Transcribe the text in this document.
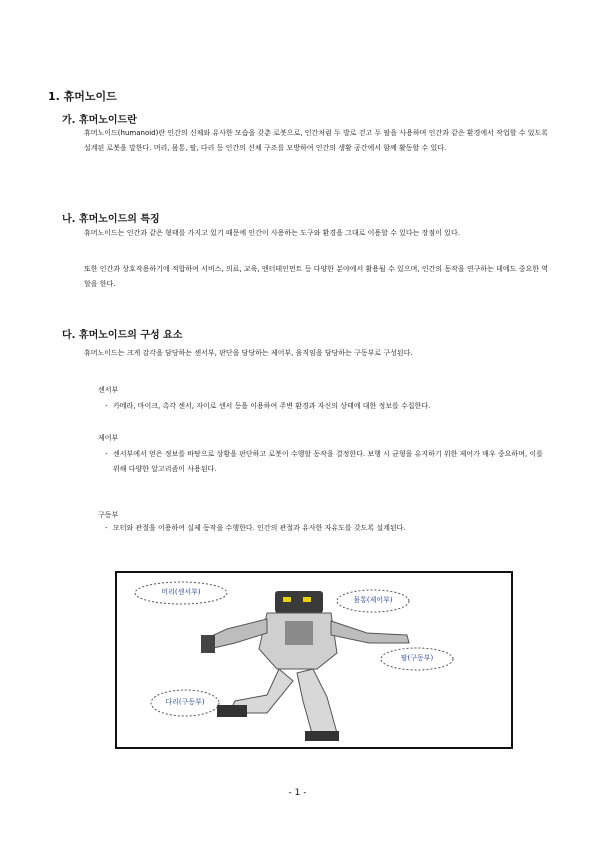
1. 휴머노이드
가. 휴머노이드란
휴머노이드(humanoid)란 인간의 신체와 유사한 모습을 갖춘 로봇으로, 인간처럼 두 발로 걷고 두 팔을 사용하며 인간과 같은 환경에서 작업할 수 있도록 설계된 로봇을 말한다. 머리, 몸통, 팔, 다리 등 인간의 신체 구조를 모방하여 인간의 생활 공간에서 함께 활동할 수 있다.
나. 휴머노이드의 특징
휴머노이드는 인간과 같은 형태를 가지고 있기 때문에 인간이 사용하는 도구와 환경을 그대로 이용할 수 있다는 장점이 있다.
또한 인간과 상호작용하기에 적합하여 서비스, 의료, 교육, 엔터테인먼트 등 다양한 분야에서 활용될 수 있으며, 인간의 동작을 연구하는 데에도 중요한 역할을 한다.
다. 휴머노이드의 구성 요소
휴머노이드는 크게 감각을 담당하는 센서부, 판단을 담당하는 제어부, 움직임을 담당하는 구동부로 구성된다.
센서부
- 카메라, 마이크, 촉각 센서, 자이로 센서 등을 이용하여 주변 환경과 자신의 상태에 대한 정보를 수집한다.
제어부
- 센서부에서 얻은 정보를 바탕으로 상황을 판단하고 로봇이 수행할 동작을 결정한다. 보행 시 균형을 유지하기 위한 제어가 매우 중요하며, 이를 위해 다양한 알고리즘이 사용된다.
구동부
- 모터와 관절을 이용하여 실제 동작을 수행한다. 인간의 관절과 유사한 자유도를 갖도록 설계된다.
머리(센서부)
몸통(제어부)
팔(구동부)
다리(구동부)
- 1 -
